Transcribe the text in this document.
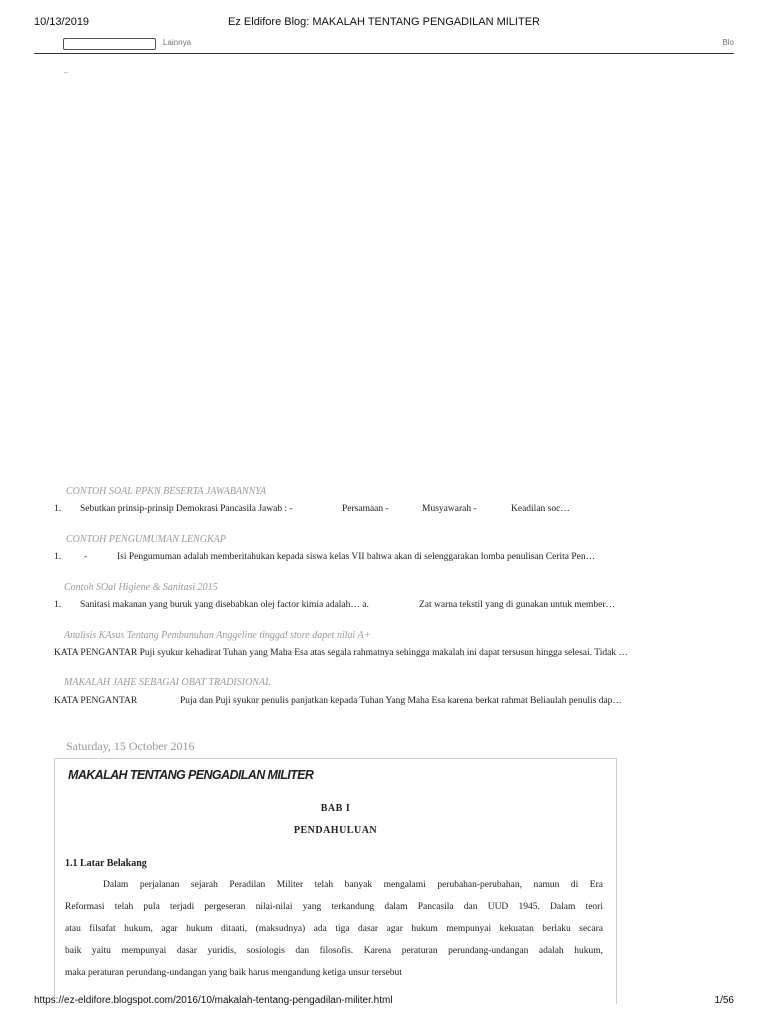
10/13/2019	Ez Eldifore Blog: MAKALAH TENTANG PENGADILAN MILITER
Lainnya	Blo
–
CONTOH SOAL PPKN BESERTA JAWABANNYA
1. Sebutkan prinsip-prinsip Demokrasi Pancasila Jawab : -	Persamaan -	Musyawarah -	Keadilan soc…
CONTOH PENGUMUMAN LENGKAP
1. -	Isi Pengumuman adalah memberitahukan kepada siswa kelas VII bahwa akan di selenggarakan lomba penulisan Cerita Pen…
Contoh SOal Higiene & Sanitasi 2015
1. Sanitasi makanan yang buruk yang disebabkan olej factor kimia adalah… a.	Zat warna tekstil yang di gunakan untuk member…
Analisis KAsus Tentang Pembunuhan Anggeline tinggal store dapet nilai A+
KATA PENGANTAR Puji syukur kehadirat Tuhan yang Maha Esa atas segala rahmatnya sehingga makalah ini dapat tersusun hingga selesai. Tidak …
MAKALAH JAHE SEBAGAI OBAT TRADISIONAL
KATA PENGANTAR	Puja dan Puji syukur penulis panjatkan kepada Tuhan Yang Maha Esa karena berkat rahmat Beliaulah penulis dap…
Saturday, 15 October 2016
MAKALAH TENTANG PENGADILAN MILITER
BAB I
PENDAHULUAN
1.1 Latar Belakang
Dalam perjalanan sejarah Peradilan Militer telah banyak mengalami perubahan-perubahan, namun di Era
Reformasi telah pula terjadi pergeseran nilai-nilai yang terkandung dalam Pancasila dan UUD 1945. Dalam teori
atau filsafat hukum, agar hukum ditaati, (maksudnya) ada tiga dasar agar hukum mempunyai kekuatan berlaku secara
baik yaitu mempunyai dasar yuridis, sosiologis dan filosofis. Karena peraturan perundang-undangan adalah hukum,
maka peraturan perundang-undangan yang baik harus mengandung ketiga unsur tersebut
https://ez-eldifore.blogspot.com/2016/10/makalah-tentang-pengadilan-militer.html	1/56
